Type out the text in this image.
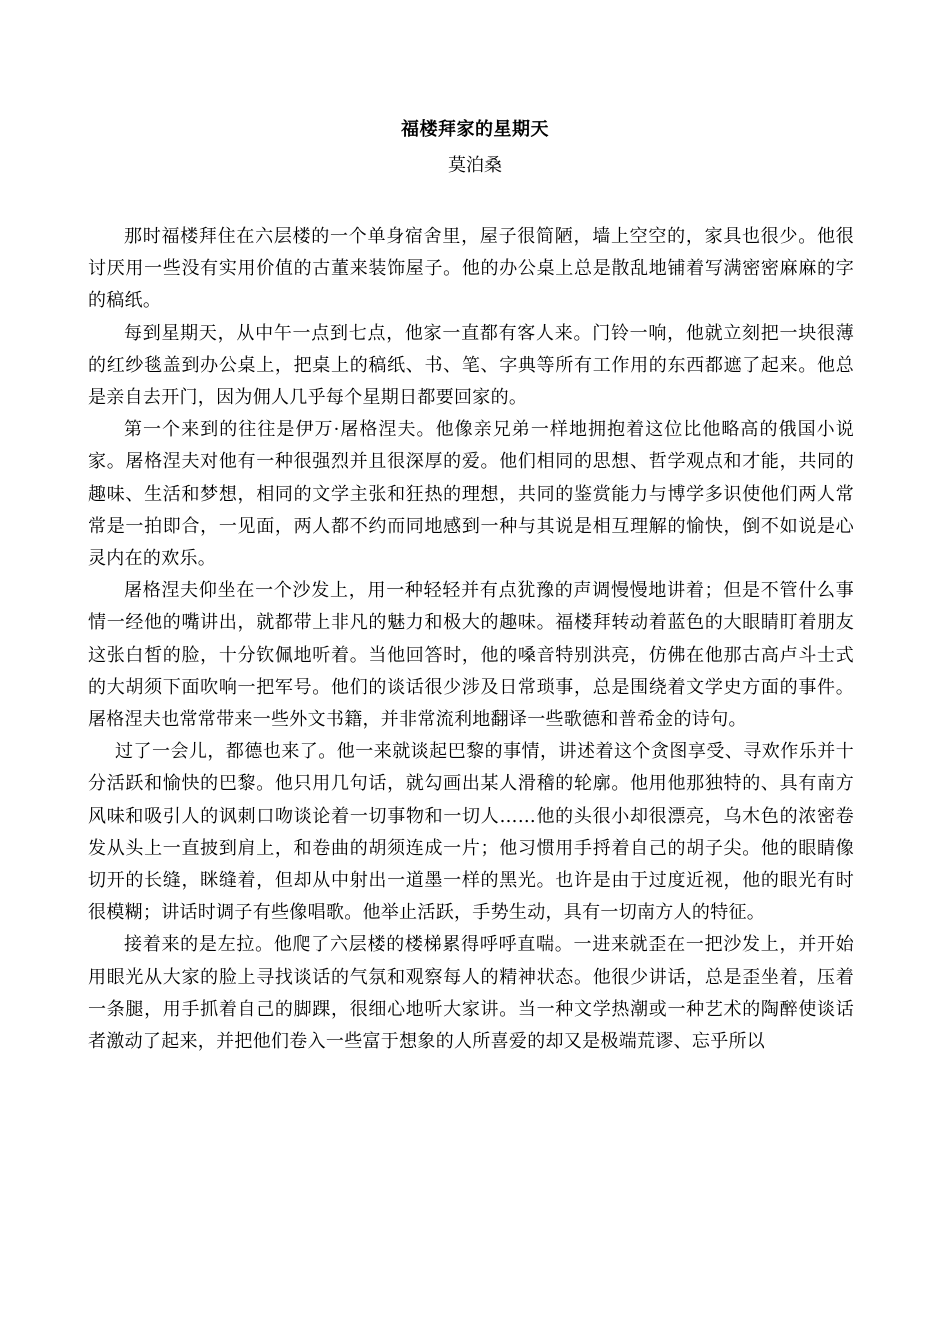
福楼拜家的星期天
莫泊桑

那时福楼拜住在六层楼的一个单身宿舍里，屋子很简陋，墙上空空的，家具也很少。他很讨厌用一些没有实用价值的古董来装饰屋子。他的办公桌上总是散乱地铺着写满密密麻麻的字的稿纸。

每到星期天，从中午一点到七点，他家一直都有客人来。门铃一响，他就立刻把一块很薄的红纱毯盖到办公桌上，把桌上的稿纸、书、笔、字典等所有工作用的东西都遮了起来。他总是亲自去开门，因为佣人几乎每个星期日都要回家的。

第一个来到的往往是伊万·屠格涅夫。他像亲兄弟一样地拥抱着这位比他略高的俄国小说家。屠格涅夫对他有一种很强烈并且很深厚的爱。他们相同的思想、哲学观点和才能，共同的趣味、生活和梦想，相同的文学主张和狂热的理想，共同的鉴赏能力与博学多识使他们两人常常是一拍即合，一见面，两人都不约而同地感到一种与其说是相互理解的愉快，倒不如说是心灵内在的欢乐。

屠格涅夫仰坐在一个沙发上，用一种轻轻并有点犹豫的声调慢慢地讲着；但是不管什么事情一经他的嘴讲出，就都带上非凡的魅力和极大的趣味。福楼拜转动着蓝色的大眼睛盯着朋友这张白皙的脸，十分钦佩地听着。当他回答时，他的嗓音特别洪亮，仿佛在他那古高卢斗士式的大胡须下面吹响一把军号。他们的谈话很少涉及日常琐事，总是围绕着文学史方面的事件。屠格涅夫也常常带来一些外文书籍，并非常流利地翻译一些歌德和普希金的诗句。

过了一会儿，都德也来了。他一来就谈起巴黎的事情，讲述着这个贪图享受、寻欢作乐并十分活跃和愉快的巴黎。他只用几句话，就勾画出某人滑稽的轮廓。他用他那独特的、具有南方风味和吸引人的讽刺口吻谈论着一切事物和一切人……他的头很小却很漂亮，乌木色的浓密卷发从头上一直披到肩上，和卷曲的胡须连成一片；他习惯用手捋着自己的胡子尖。他的眼睛像切开的长缝，眯缝着，但却从中射出一道墨一样的黑光。也许是由于过度近视，他的眼光有时很模糊；讲话时调子有些像唱歌。他举止活跃，手势生动，具有一切南方人的特征。

接着来的是左拉。他爬了六层楼的楼梯累得呼呼直喘。一进来就歪在一把沙发上，并开始用眼光从大家的脸上寻找谈话的气氛和观察每人的精神状态。他很少讲话，总是歪坐着，压着一条腿，用手抓着自己的脚踝，很细心地听大家讲。当一种文学热潮或一种艺术的陶醉使谈话者激动了起来，并把他们卷入一些富于想象的人所喜爱的却又是极端荒谬、忘乎所以
